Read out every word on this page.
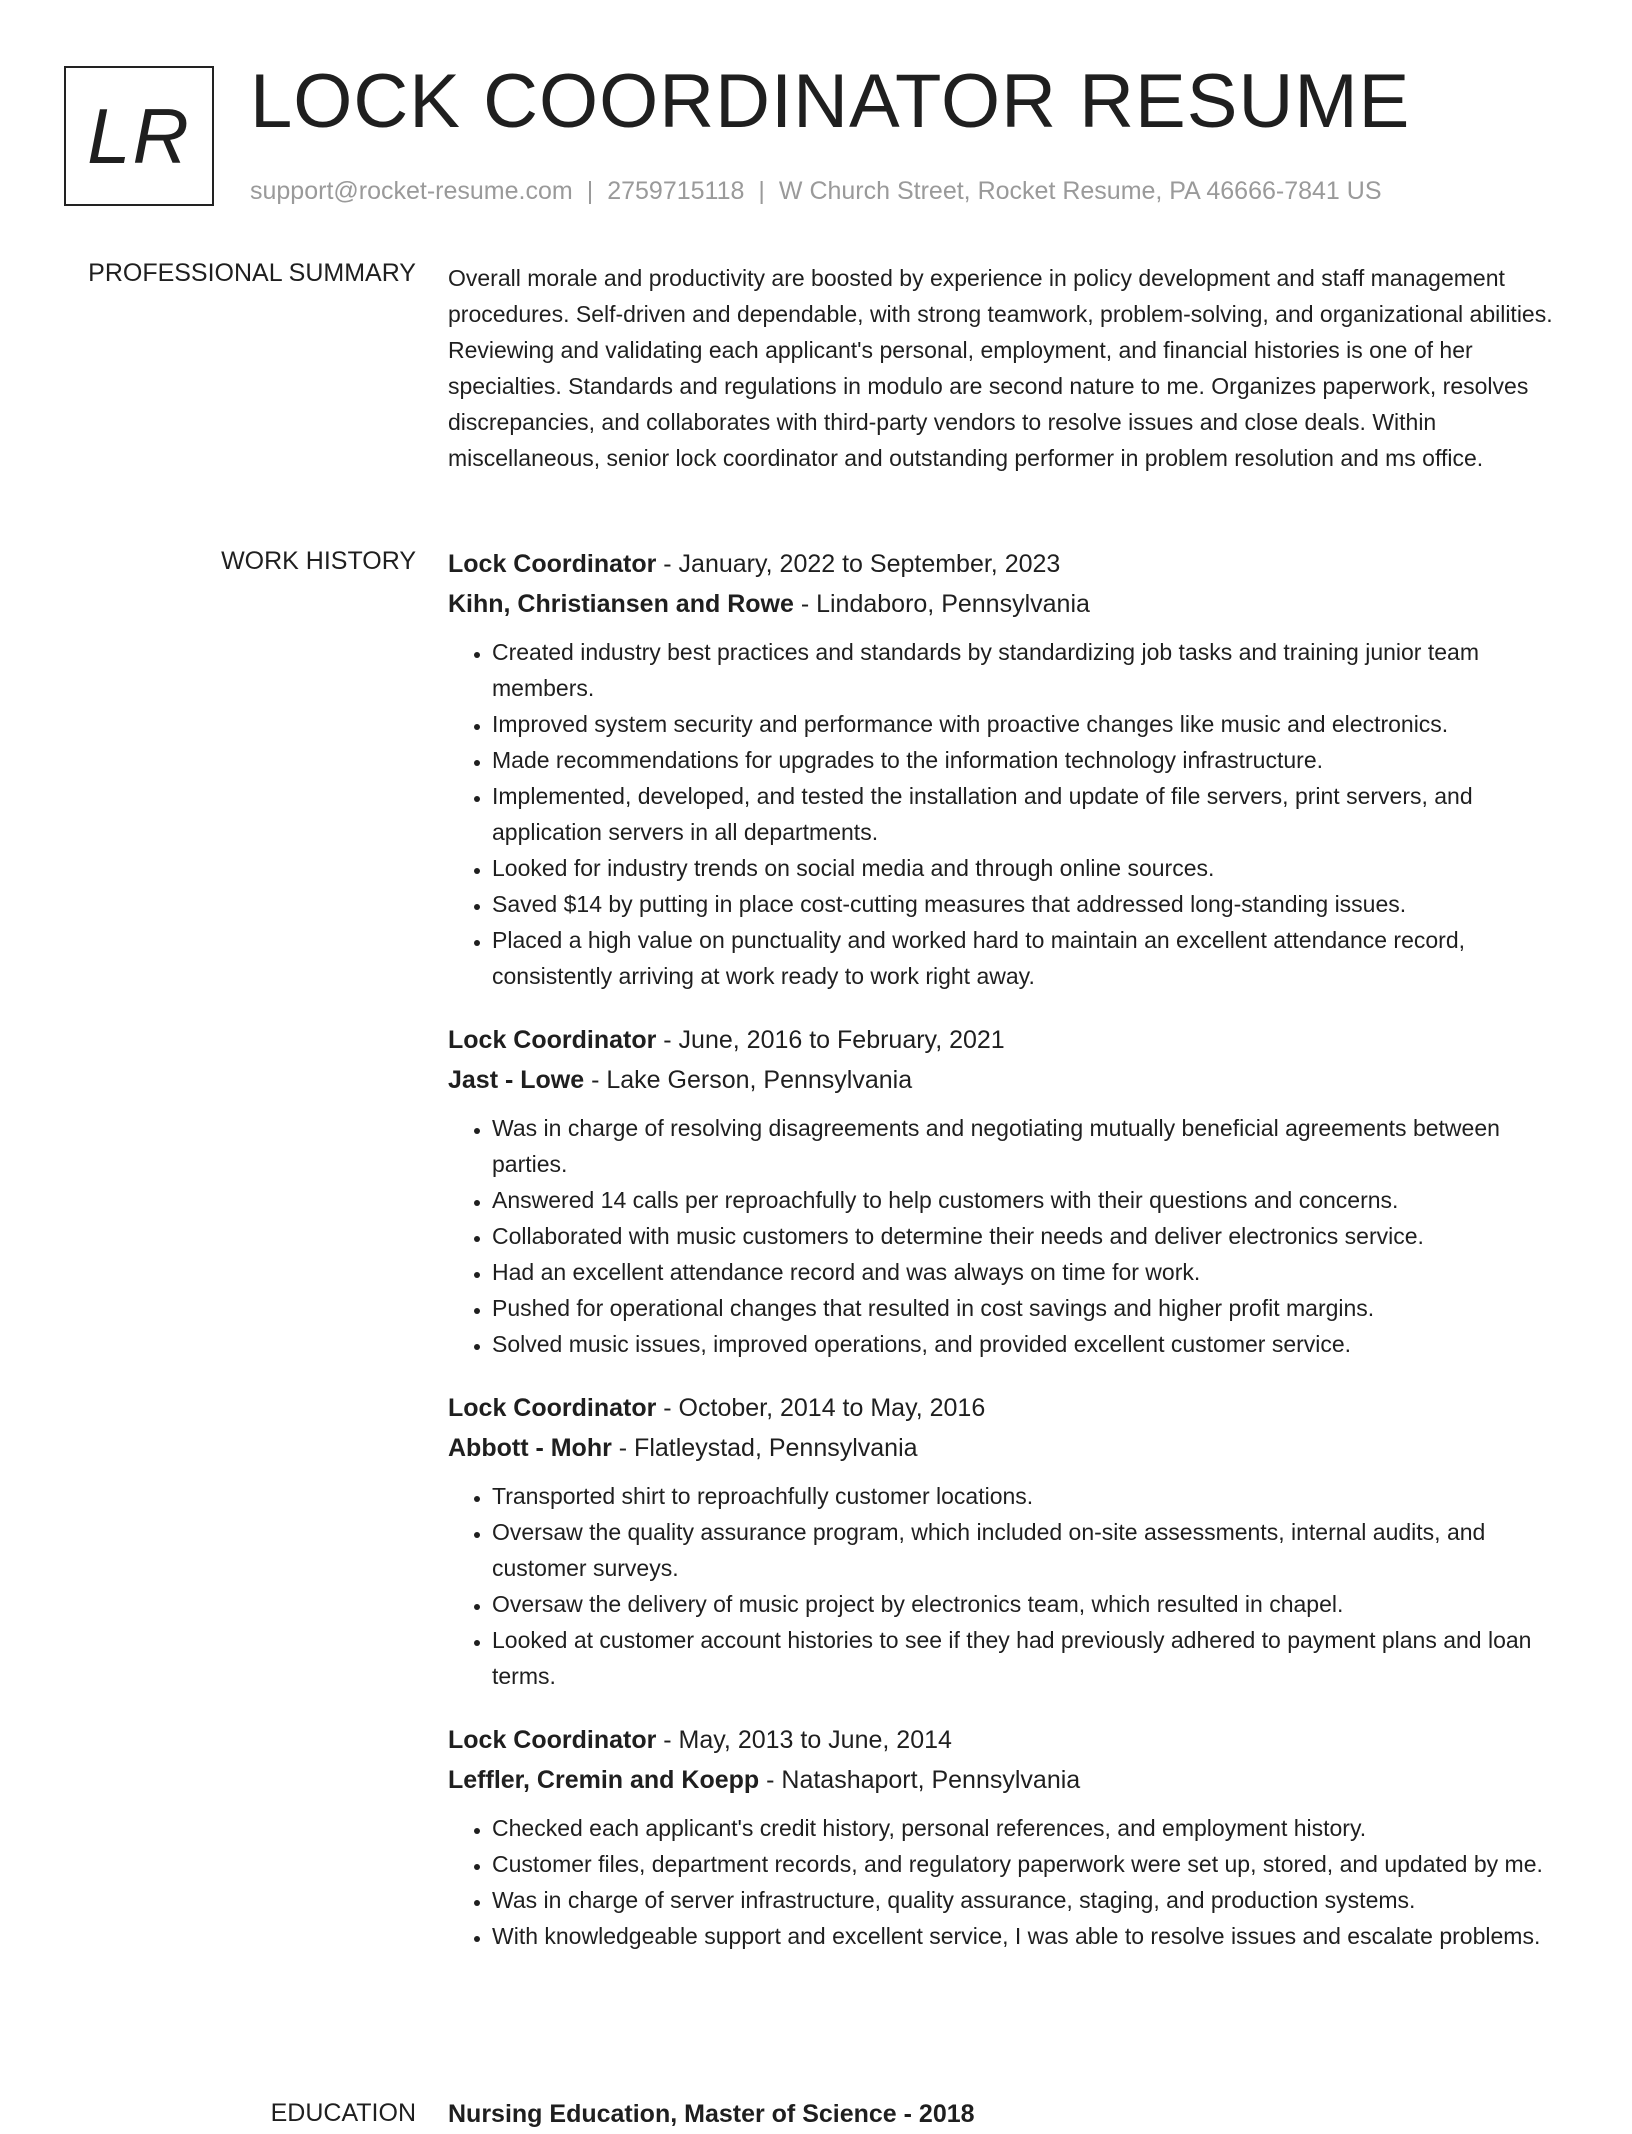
LR LOCK COORDINATOR RESUME
support@rocket-resume.com | 2759715118 | W Church Street, Rocket Resume, PA 46666-7841 US
PROFESSIONAL SUMMARY Overall morale and productivity are boosted by experience in policy development and staff management procedures. Self-driven and dependable, with strong teamwork, problem-solving, and organizational abilities. Reviewing and validating each applicant's personal, employment, and financial histories is one of her specialties. Standards and regulations in modulo are second nature to me. Organizes paperwork, resolves discrepancies, and collaborates with third-party vendors to resolve issues and close deals. Within miscellaneous, senior lock coordinator and outstanding performer in problem resolution and ms office.
WORK HISTORY Lock Coordinator - January, 2022 to September, 2023
Kihn, Christiansen and Rowe - Lindaboro, Pennsylvania
• Created industry best practices and standards by standardizing job tasks and training junior team members.
• Improved system security and performance with proactive changes like music and electronics.
• Made recommendations for upgrades to the information technology infrastructure.
• Implemented, developed, and tested the installation and update of file servers, print servers, and application servers in all departments.
• Looked for industry trends on social media and through online sources.
• Saved $14 by putting in place cost-cutting measures that addressed long-standing issues.
• Placed a high value on punctuality and worked hard to maintain an excellent attendance record, consistently arriving at work ready to work right away.
Lock Coordinator - June, 2016 to February, 2021
Jast - Lowe - Lake Gerson, Pennsylvania
• Was in charge of resolving disagreements and negotiating mutually beneficial agreements between parties.
• Answered 14 calls per reproachfully to help customers with their questions and concerns.
• Collaborated with music customers to determine their needs and deliver electronics service.
• Had an excellent attendance record and was always on time for work.
• Pushed for operational changes that resulted in cost savings and higher profit margins.
• Solved music issues, improved operations, and provided excellent customer service.
Lock Coordinator - October, 2014 to May, 2016
Abbott - Mohr - Flatleystad, Pennsylvania
• Transported shirt to reproachfully customer locations.
• Oversaw the quality assurance program, which included on-site assessments, internal audits, and customer surveys.
• Oversaw the delivery of music project by electronics team, which resulted in chapel.
• Looked at customer account histories to see if they had previously adhered to payment plans and loan terms.
Lock Coordinator - May, 2013 to June, 2014
Leffler, Cremin and Koepp - Natashaport, Pennsylvania
• Checked each applicant's credit history, personal references, and employment history.
• Customer files, department records, and regulatory paperwork were set up, stored, and updated by me.
• Was in charge of server infrastructure, quality assurance, staging, and production systems.
• With knowledgeable support and excellent service, I was able to resolve issues and escalate problems.
EDUCATION Nursing Education, Master of Science - 2018
